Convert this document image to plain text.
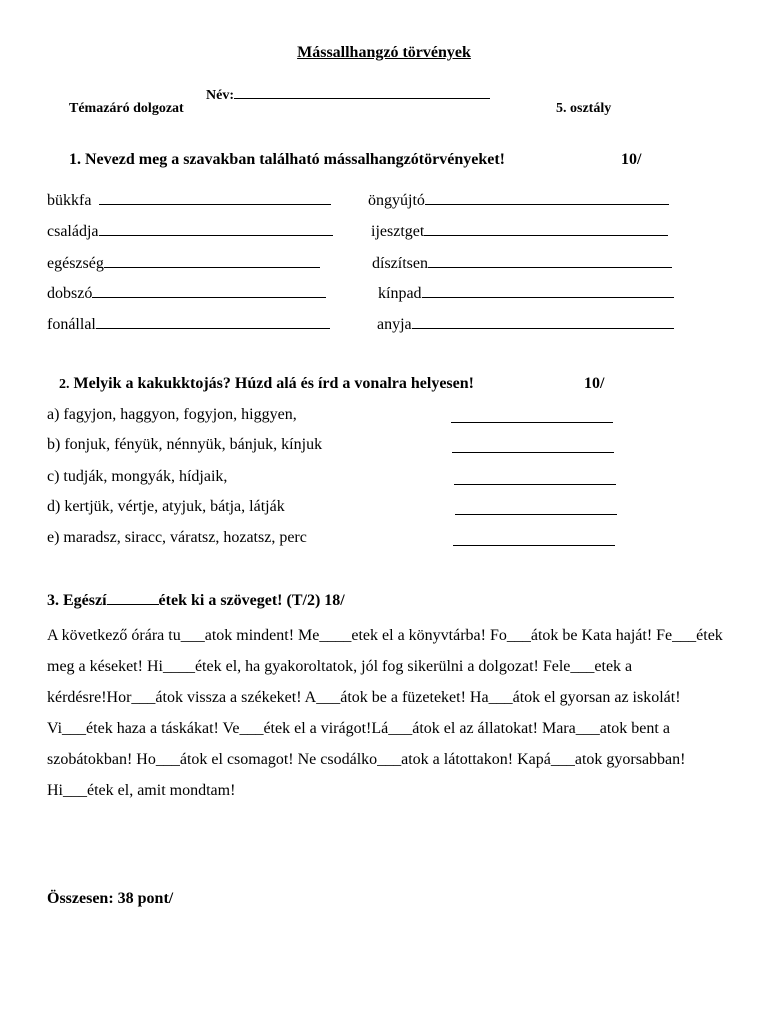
Mássallhangzó törvények
Név:
Témazáró dolgozat	5. osztály
1. Nevezd meg a szavakban található mássalhangzótörvényeket!	10/
bükkfa	öngyújtó
családja	ijesztget
egészség	díszítsen
dobszó	kínpad
fonállal	anyja
2. Melyik a kakukktojás? Húzd alá és írd a vonalra helyesen!	10/
a) fagyjon, haggyon, fogyjon, higgyen,
b) fonjuk, fényük, nénnyük, bánjuk, kínjuk
c) tudják, mongyák, hídjaik,
d) kertjük, vértje, atyjuk, bátja, látják
e) maradsz, siracc, váratsz, hozatsz, perc
3. Egészí	étek ki a szöveget! (T/2) 18/
A következő órára tu___atok mindent! Me____etek el a könyvtárba! Fo___átok be Kata haját! Fe___étek meg a késeket! Hi____étek el, ha gyakoroltatok, jól fog sikerülni a dolgozat! Fele___etek a kérdésre!Hor___átok vissza a székeket! A___átok be a füzeteket! Ha___átok el gyorsan az iskolát! Vi___étek haza a táskákat! Ve___étek el a virágot!Lá___átok el az állatokat! Mara___atok bent a szobátokban! Ho___átok el csomagot! Ne csodálko___atok a látottakon! Kapá___atok gyorsabban! Hi___étek el, amit mondtam!
Összesen: 38 pont/
